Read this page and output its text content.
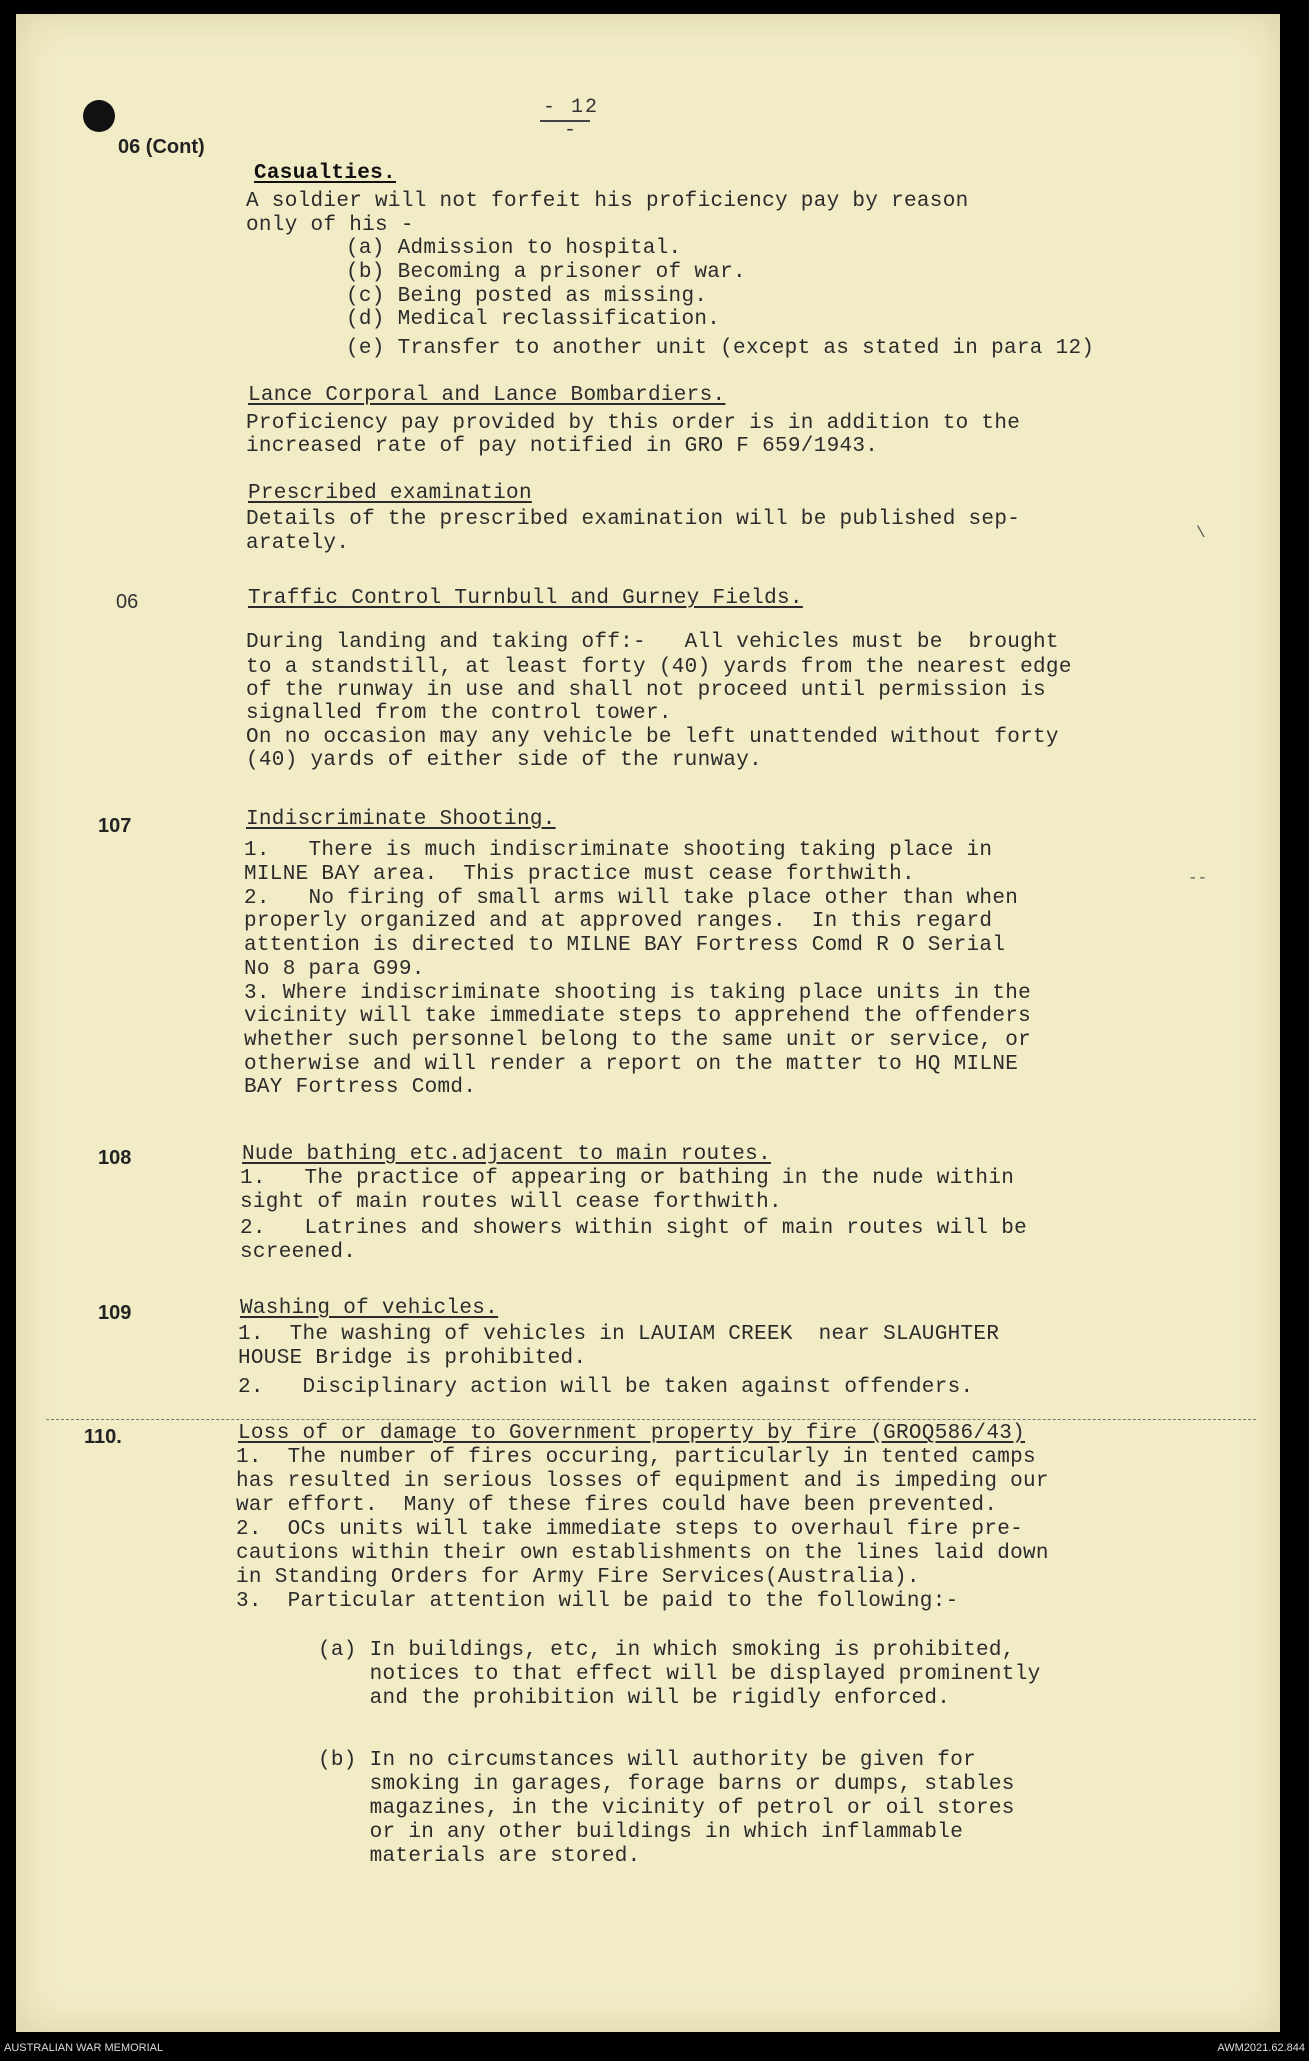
- 12 -
06 (Cont)
06
107
108
109
110.
Casualties.
A soldier will not forfeit his proficiency pay by reason
only of his -
(a) Admission to hospital.
(b) Becoming a prisoner of war.
(c) Being posted as missing.
(d) Medical reclassification.
(e) Transfer to another unit (except as stated in para 12)
Lance Corporal and Lance Bombardiers.
Proficiency pay provided by this order is in addition to the
increased rate of pay notified in GRO F 659/1943.
Prescribed examination
Details of the prescribed examination will be published sep-
arately.
Traffic Control Turnbull and Gurney Fields.
During landing and taking off:-   All vehicles must be  brought
to a standstill, at least forty (40) yards from the nearest edge
of the runway in use and shall not proceed until permission is
signalled from the control tower.
On no occasion may any vehicle be left unattended without forty
(40) yards of either side of the runway.
Indiscriminate Shooting.
1.   There is much indiscriminate shooting taking place in
MILNE BAY area.  This practice must cease forthwith.
2.   No firing of small arms will take place other than when
properly organized and at approved ranges.  In this regard
attention is directed to MILNE BAY Fortress Comd R O Serial
No 8 para G99.
3. Where indiscriminate shooting is taking place units in the
vicinity will take immediate steps to apprehend the offenders
whether such personnel belong to the same unit or service, or
otherwise and will render a report on the matter to HQ MILNE
BAY Fortress Comd.
Nude bathing etc.adjacent to main routes.
1.   The practice of appearing or bathing in the nude within
sight of main routes will cease forthwith.
2.   Latrines and showers within sight of main routes will be
screened.
Washing of vehicles.
1.  The washing of vehicles in LAUIAM CREEK  near SLAUGHTER
HOUSE Bridge is prohibited.
2.   Disciplinary action will be taken against offenders.
Loss of or damage to Government property by fire (GROQ586/43)
1.  The number of fires occuring, particularly in tented camps
has resulted in serious losses of equipment and is impeding our
war effort.  Many of these fires could have been prevented.
2.  OCs units will take immediate steps to overhaul fire pre-
cautions within their own establishments on the lines laid down
in Standing Orders for Army Fire Services(Australia).
3.  Particular attention will be paid to the following:-
(a) In buildings, etc, in which smoking is prohibited,
notices to that effect will be displayed prominently
and the prohibition will be rigidly enforced.
(b) In no circumstances will authority be given for
smoking in garages, forage barns or dumps, stables
magazines, in the vicinity of petrol or oil stores
or in any other buildings in which inflammable
materials are stored.
\
--
AUSTRALIAN WAR MEMORIAL	AWM2021.62.844
